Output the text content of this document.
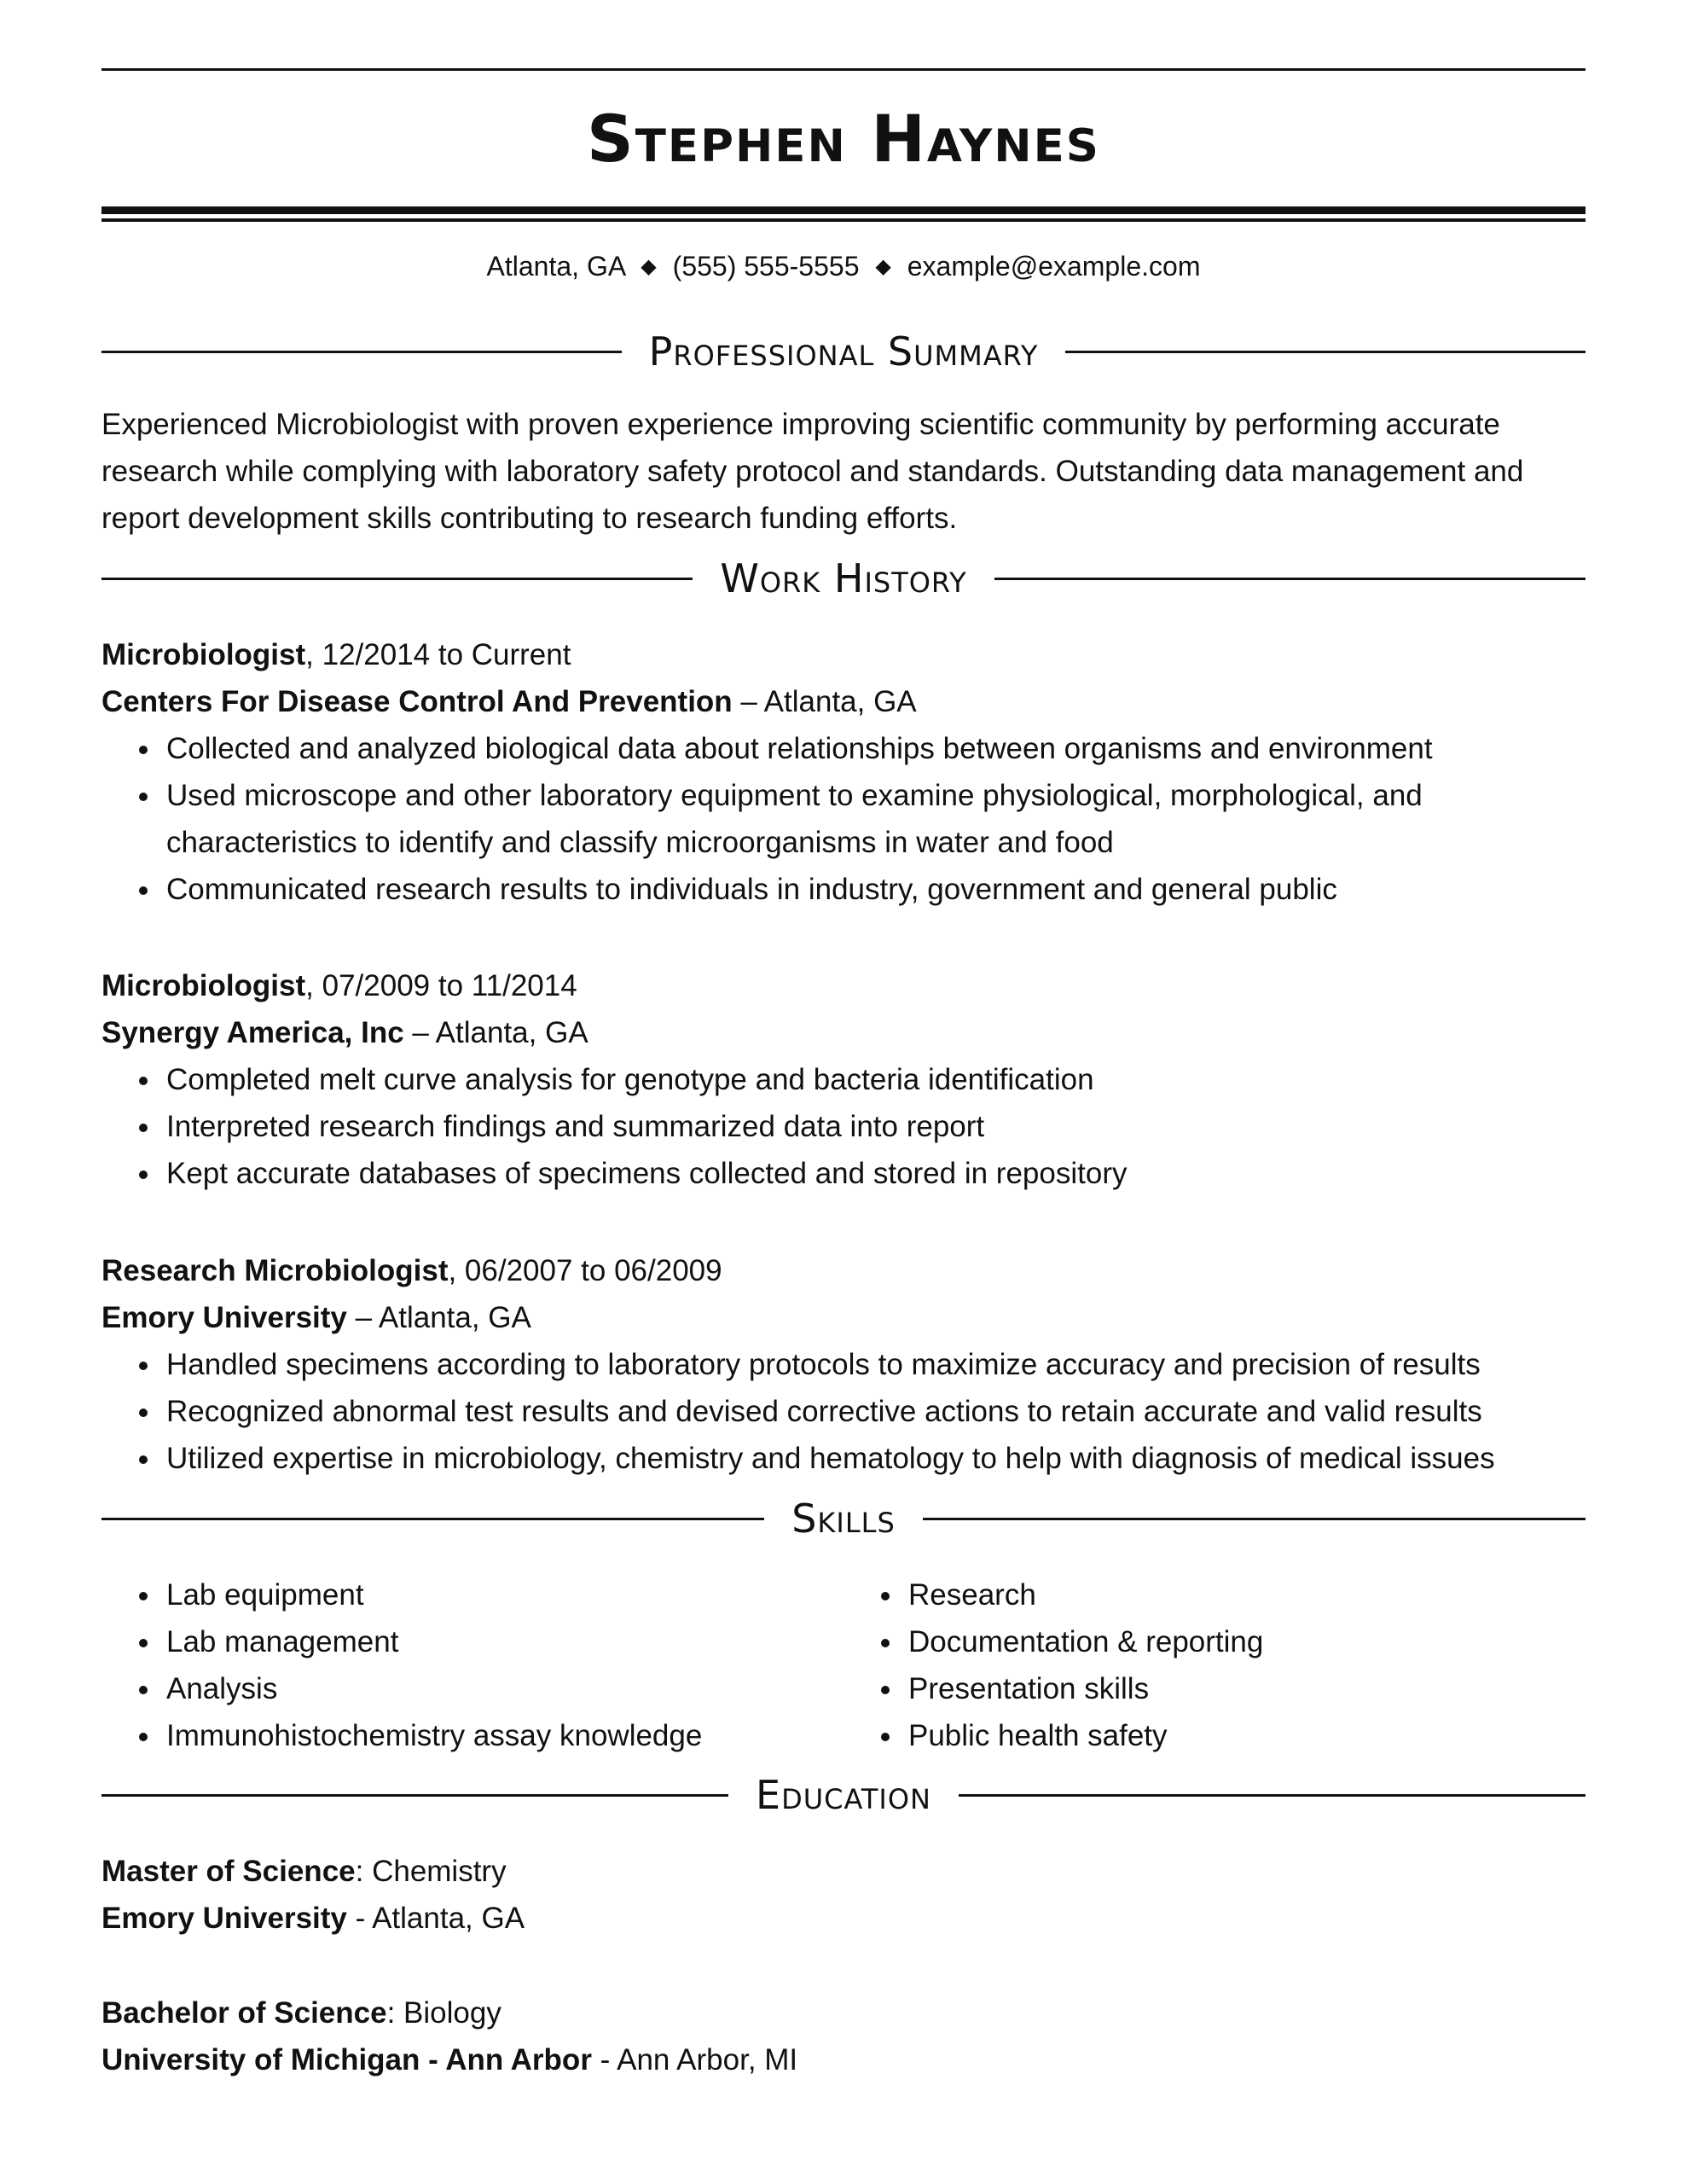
Stephen Haynes
Atlanta, GA ◆ (555) 555-5555 ◆ example@example.com
Professional Summary
Experienced Microbiologist with proven experience improving scientific community by performing accurate research while complying with laboratory safety protocol and standards. Outstanding data management and report development skills contributing to research funding efforts.
Work History
Microbiologist, 12/2014 to Current
Centers For Disease Control And Prevention – Atlanta, GA
Collected and analyzed biological data about relationships between organisms and environment
Used microscope and other laboratory equipment to examine physiological, morphological, and characteristics to identify and classify microorganisms in water and food
Communicated research results to individuals in industry, government and general public
Microbiologist, 07/2009 to 11/2014
Synergy America, Inc – Atlanta, GA
Completed melt curve analysis for genotype and bacteria identification
Interpreted research findings and summarized data into report
Kept accurate databases of specimens collected and stored in repository
Research Microbiologist, 06/2007 to 06/2009
Emory University – Atlanta, GA
Handled specimens according to laboratory protocols to maximize accuracy and precision of results
Recognized abnormal test results and devised corrective actions to retain accurate and valid results
Utilized expertise in microbiology, chemistry and hematology to help with diagnosis of medical issues
Skills
Lab equipment
Lab management
Analysis
Immunohistochemistry assay knowledge
Research
Documentation & reporting
Presentation skills
Public health safety
Education
Master of Science: Chemistry
Emory University - Atlanta, GA
Bachelor of Science: Biology
University of Michigan - Ann Arbor - Ann Arbor, MI
